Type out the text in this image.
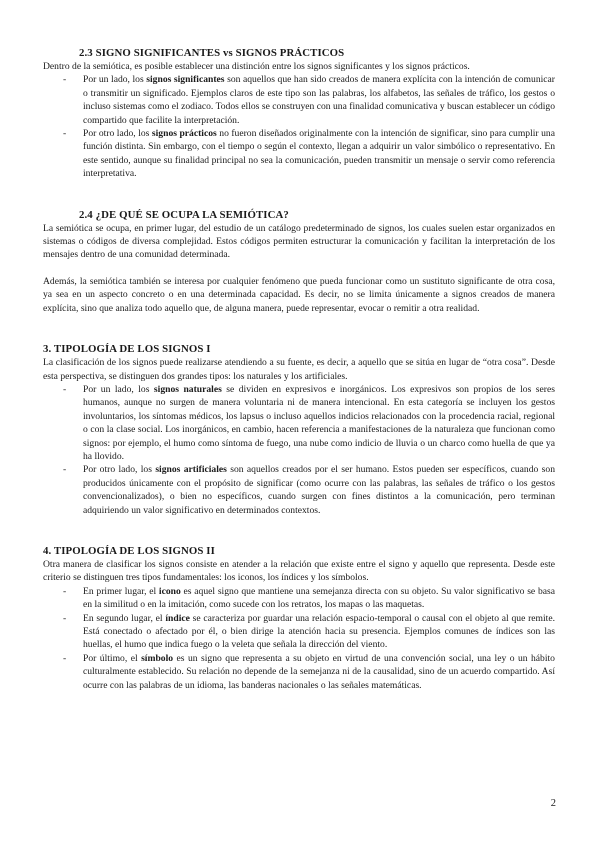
2.3 SIGNO SIGNIFICANTES vs SIGNOS PRÁCTICOS

Dentro de la semiótica, es posible establecer una distinción entre los signos significantes y los signos prácticos.

- Por un lado, los signos significantes son aquellos que han sido creados de manera explícita con la intención de comunicar o transmitir un significado. Ejemplos claros de este tipo son las palabras, los alfabetos, las señales de tráfico, los gestos o incluso sistemas como el zodiaco. Todos ellos se construyen con una finalidad comunicativa y buscan establecer un código compartido que facilite la interpretación.
- Por otro lado, los signos prácticos no fueron diseñados originalmente con la intención de significar, sino para cumplir una función distinta. Sin embargo, con el tiempo o según el contexto, llegan a adquirir un valor simbólico o representativo. En este sentido, aunque su finalidad principal no sea la comunicación, pueden transmitir un mensaje o servir como referencia interpretativa.
2.4 ¿DE QUÉ SE OCUPA LA SEMIÓTICA?

La semiótica se ocupa, en primer lugar, del estudio de un catálogo predeterminado de signos, los cuales suelen estar organizados en sistemas o códigos de diversa complejidad. Estos códigos permiten estructurar la comunicación y facilitan la interpretación de los mensajes dentro de una comunidad determinada.

Además, la semiótica también se interesa por cualquier fenómeno que pueda funcionar como un sustituto significante de otra cosa, ya sea en un aspecto concreto o en una determinada capacidad. Es decir, no se limita únicamente a signos creados de manera explícita, sino que analiza todo aquello que, de alguna manera, puede representar, evocar o remitir a otra realidad.

3. TIPOLOGÍA DE LOS SIGNOS I

La clasificación de los signos puede realizarse atendiendo a su fuente, es decir, a aquello que se sitúa en lugar de “otra cosa”. Desde esta perspectiva, se distinguen dos grandes tipos: los naturales y los artificiales.

- Por un lado, los signos naturales se dividen en expresivos e inorgánicos. Los expresivos son propios de los seres humanos, aunque no surgen de manera voluntaria ni de manera intencional. En esta categoría se incluyen los gestos involuntarios, los síntomas médicos, los lapsus o incluso aquellos indicios relacionados con la procedencia racial, regional o con la clase social. Los inorgánicos, en cambio, hacen referencia a manifestaciones de la naturaleza que funcionan como signos: por ejemplo, el humo como síntoma de fuego, una nube como indicio de lluvia o un charco como huella de que ya ha llovido.
- Por otro lado, los signos artificiales son aquellos creados por el ser humano. Estos pueden ser específicos, cuando son producidos únicamente con el propósito de significar (como ocurre con las palabras, las señales de tráfico o los gestos convencionalizados), o bien no específicos, cuando surgen con fines distintos a la comunicación, pero terminan adquiriendo un valor significativo en determinados contextos.
4. TIPOLOGÍA DE LOS SIGNOS II

Otra manera de clasificar los signos consiste en atender a la relación que existe entre el signo y aquello que representa. Desde este criterio se distinguen tres tipos fundamentales: los iconos, los índices y los símbolos.

- En primer lugar, el icono es aquel signo que mantiene una semejanza directa con su objeto. Su valor significativo se basa en la similitud o en la imitación, como sucede con los retratos, los mapas o las maquetas.
- En segundo lugar, el índice se caracteriza por guardar una relación espacio-temporal o causal con el objeto al que remite. Está conectado o afectado por él, o bien dirige la atención hacia su presencia. Ejemplos comunes de índices son las huellas, el humo que indica fuego o la veleta que señala la dirección del viento.
- Por último, el símbolo es un signo que representa a su objeto en virtud de una convención social, una ley o un hábito culturalmente establecido. Su relación no depende de la semejanza ni de la causalidad, sino de un acuerdo compartido. Así ocurre con las palabras de un idioma, las banderas nacionales o las señales matemáticas.
2
